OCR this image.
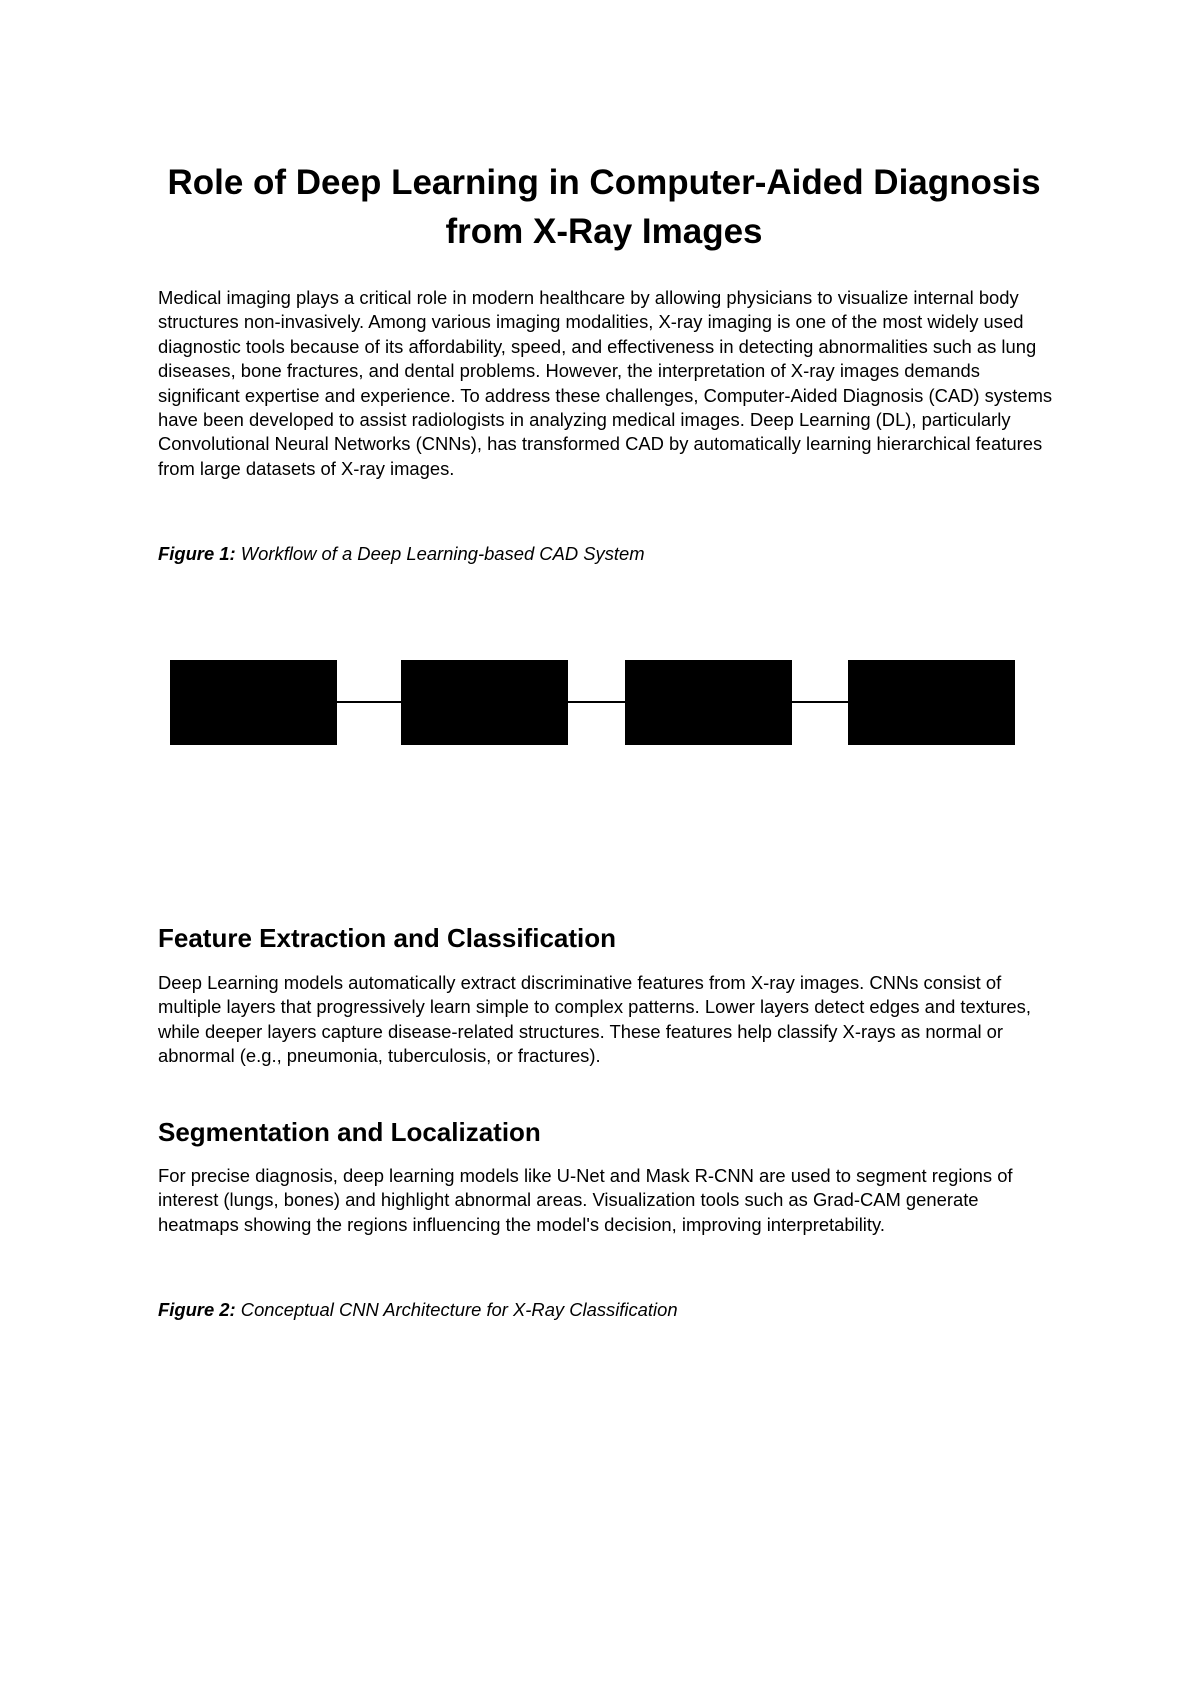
Role of Deep Learning in Computer-Aided Diagnosis from X-Ray Images

Medical imaging plays a critical role in modern healthcare by allowing physicians to visualize internal body structures non-invasively. Among various imaging modalities, X-ray imaging is one of the most widely used diagnostic tools because of its affordability, speed, and effectiveness in detecting abnormalities such as lung diseases, bone fractures, and dental problems. However, the interpretation of X-ray images demands significant expertise and experience. To address these challenges, Computer-Aided Diagnosis (CAD) systems have been developed to assist radiologists in analyzing medical images. Deep Learning (DL), particularly Convolutional Neural Networks (CNNs), has transformed CAD by automatically learning hierarchical features from large datasets of X-ray images.

Figure 1: Workflow of a Deep Learning-based CAD System

Feature Extraction and Classification

Deep Learning models automatically extract discriminative features from X-ray images. CNNs consist of multiple layers that progressively learn simple to complex patterns. Lower layers detect edges and textures, while deeper layers capture disease-related structures. These features help classify X-rays as normal or abnormal (e.g., pneumonia, tuberculosis, or fractures).

Segmentation and Localization

For precise diagnosis, deep learning models like U-Net and Mask R-CNN are used to segment regions of interest (lungs, bones) and highlight abnormal areas. Visualization tools such as Grad-CAM generate heatmaps showing the regions influencing the model's decision, improving interpretability.

Figure 2: Conceptual CNN Architecture for X-Ray Classification
